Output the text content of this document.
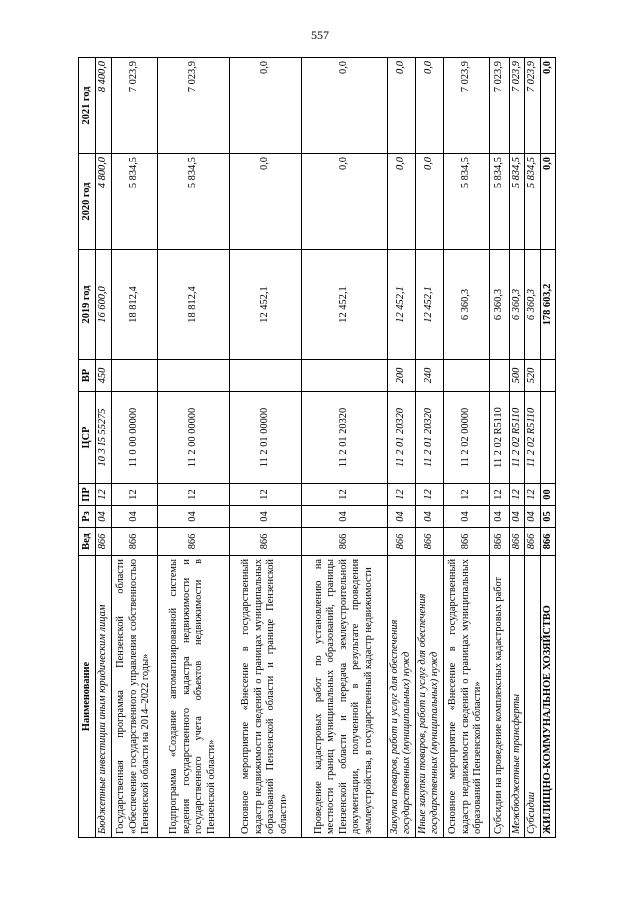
557
Наименование	Вед	Рз	ПР	ЦСР	ВР	2019 год	2020 год	2021 год
Бюджетные инвестиции иным юридическим лицам	866	04	12	10 3 I5 55275	450	16 600,0	4 800,0	8 400,0
Государственная программа Пензенской области «Обеспечение государственного управления собственностью Пензенской области на 2014–2022 годы»	866	04	12	11 0 00 00000		18 812,4	5 834,5	7 023,9
Подпрограмма «Создание автоматизированной системы ведения государственного кадастра недвижимости и государственного учета объектов недвижимости в Пензенской области»	866	04	12	11 2 00 00000		18 812,4	5 834,5	7 023,9
Основное мероприятие «Внесение в государственный кадастр недвижимости сведений о границах муниципальных образований Пензенской области и границе Пензенской области»	866	04	12	11 2 01 00000		12 452,1	0,0	0,0
Проведение кадастровых работ по установлению на местности границ муниципальных образований, границы Пензенской области и передача землеустроительной документации, полученной в результате проведения землеустройства, в государственный кадастр недвижимости	866	04	12	11 2 01 20320		12 452,1	0,0	0,0
Закупка товаров, работ и услуг для обеспечения государственных (муниципальных) нужд	866	04	12	11 2 01 20320	200	12 452,1	0,0	0,0
Иные закупки товаров, работ и услуг для обеспечения государственных (муниципальных) нужд	866	04	12	11 2 01 20320	240	12 452,1	0,0	0,0
Основное мероприятие «Внесение в государственный кадастр недвижимости сведений о границах муниципальных образований Пензенской области»	866	04	12	11 2 02 00000		6 360,3	5 834,5	7 023,9
Субсидии на проведение комплексных кадастровых работ	866	04	12	11 2 02 R5110		6 360,3	5 834,5	7 023,9
Межбюджетные трансферты	866	04	12	11 2 02 R5110	500	6 360,3	5 834,5	7 023,9
Субсидии	866	04	12	11 2 02 R5110	520	6 360,3	5 834,5	7 023,9
ЖИЛИЩНО-КОММУНАЛЬНОЕ ХОЗЯЙСТВО	866	05	00			178 603,2	0,0	0,0
